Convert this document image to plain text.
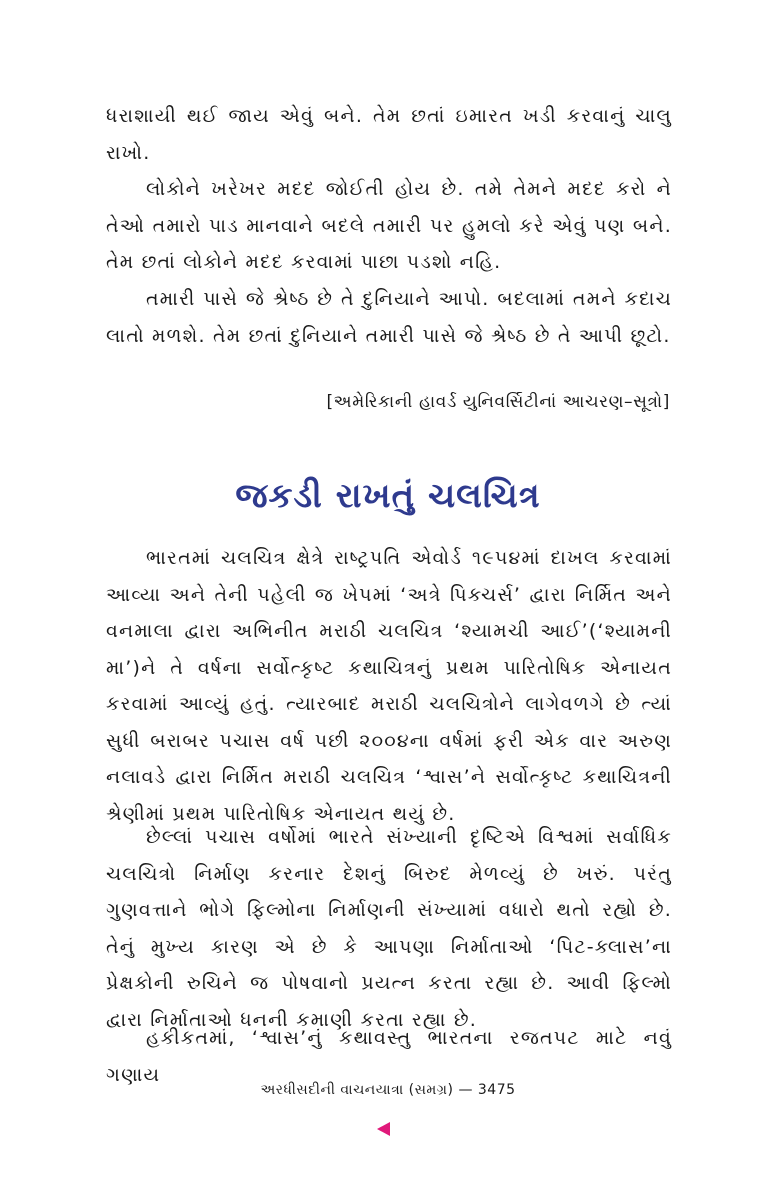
ધરાશાયી થઈ જાય એવું બને. તેમ છતાં ઇમારત ખડી કરવાનું ચાલુ રાખો.

લોકોને ખરેખર મદદ જોઈતી હોય છે. તમે તેમને મદદ કરો ને તેઓ તમારો પાડ માનવાને બદલે તમારી પર હુમલો કરે એવું પણ બને. તેમ છતાં લોકોને મદદ કરવામાં પાછા પડશો નહિ.

તમારી પાસે જે શ્રેષ્ઠ છે તે દુનિયાને આપો. બદલામાં તમને કદાચ લાતો મળશે. તેમ છતાં દુનિયાને તમારી પાસે જે શ્રેષ્ઠ છે તે આપી છૂટો.

[અમેરિકાની હાવર્ડ યુનિવર્સિટીનાં આચરણ–સૂત્રો]
જકડી રાખતું ચલચિત્ર

ભારતમાં ચલચિત્ર ક્ષેત્રે રાષ્ટ્રપતિ એવોર્ડ ૧૯૫૪માં દાખલ કરવામાં આવ્યા અને તેની પહેલી જ ખેપમાં ‘અત્રે પિક્ચર્સ’ દ્વારા નિર્મિત અને વનમાલા દ્વારા અભિનીત મરાઠી ચલચિત્ર ‘શ્યામચી આઈ’(‘શ્યામની મા’)ને તે વર્ષના સર્વોત્કૃષ્ટ કથાચિત્રનું પ્રથમ પારિતોષિક એનાયત કરવામાં આવ્યું હતું. ત્યારબાદ મરાઠી ચલચિત્રોને લાગેવળગે છે ત્યાં સુધી બરાબર પચાસ વર્ષ પછી ૨૦૦૪ના વર્ષમાં ફરી એક વાર અરુણ નલાવડે દ્વારા નિર્મિત મરાઠી ચલચિત્ર ‘શ્વાસ’ને સર્વોત્કૃષ્ટ કથાચિત્રની શ્રેણીમાં પ્રથમ પારિતોષિક એનાયત થયું છે.

છેલ્લાં પચાસ વર્ષોમાં ભારતે સંખ્યાની દૃષ્ટિએ વિશ્વમાં સર્વાધિક ચલચિત્રો નિર્માણ કરનાર દેશનું બિરુદ મેળવ્યું છે ખરું. પરંતુ ગુણવત્તાને ભોગે ફિલ્મોના નિર્માણની સંખ્યામાં વધારો થતો રહ્યો છે. તેનું મુખ્ય કારણ એ છે કે આપણા નિર્માતાઓ ‘પિટ-ક્લાસ’ના પ્રેક્ષકોની રુચિને જ પોષવાનો પ્રયત્ન કરતા રહ્યા છે. આવી ફિલ્મો દ્વારા નિર્માતાઓ ધનની કમાણી કરતા રહ્યા છે.

હકીકતમાં, ‘શ્વાસ’નું કથાવસ્તુ ભારતના રજતપટ માટે નવું ગણાય

અરધીસદીની વાચનયાત્રા (સમગ્ર) — 3475
